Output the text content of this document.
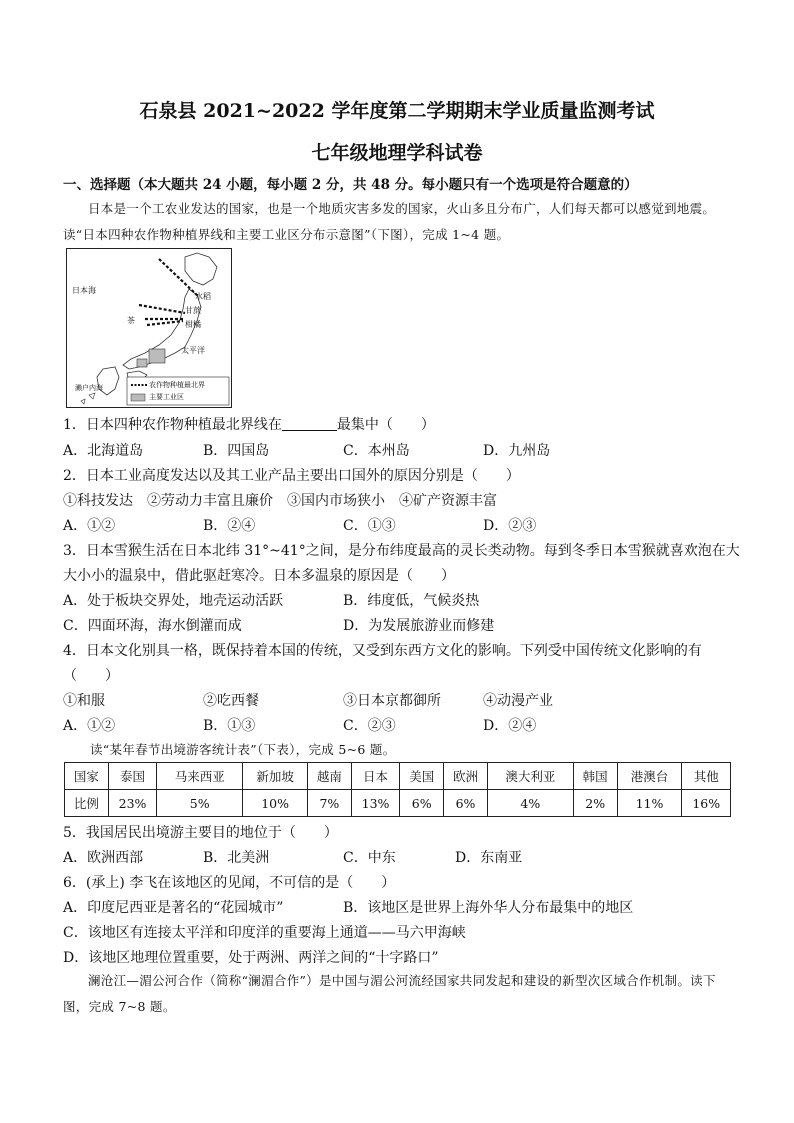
石泉县 2021~2022 学年度第二学期期末学业质量监测考试
七年级地理学科试卷
一、选择题（本大题共 24 小题，每小题 2 分，共 48 分。每小题只有一个选项是符合题意的）
日本是一个工农业发达的国家，也是一个地质灾害多发的国家，火山多且分布广，人们每天都可以感觉到地震。读“日本四种农作物种植界线和主要工业区分布示意图”（下图），完成 1~4 题。
日本海
水稻
甘蔗
茶	柑橘
太平洋
濑户内海	农作物种植最北界
主要工业区
1．日本四种农作物种植最北界线在	最集中（　　）
A．北海道岛	B．四国岛	C．本州岛	D．九州岛
2．日本工业高度发达以及其工业产品主要出口国外的原因分别是（　　）
①科技发达　②劳动力丰富且廉价　③国内市场狭小　④矿产资源丰富
A．①②	B．②④	C．①③	D．②③
3．日本雪猴生活在日本北纬 31°~41°之间，是分布纬度最高的灵长类动物。每到冬季日本雪猴就喜欢泡在大
大小小的温泉中，借此驱赶寒冷。日本多温泉的原因是（　　）
A．处于板块交界处，地壳运动活跃	B．纬度低，气候炎热
C．四面环海，海水倒灌而成	D．为发展旅游业而修建
4．日本文化别具一格，既保持着本国的传统，又受到东西方文化的影响。下列受中国传统文化影响的有
（　　）
①和服	②吃西餐	③日本京都御所	④动漫产业
A．①②	B．①③	C．②③	D．②④
读“某年春节出境游客统计表”（下表），完成 5~6 题。
国家	泰国	马来西亚	新加坡	越南	日本	美国	欧洲	澳大利亚	韩国	港澳台	其他
比例	23%	5%	10%	7%	13%	6%	6%	4%	2%	11%	16%
5．我国居民出境游主要目的地位于（　　）
A．欧洲西部	B．北美洲	C．中东	D．东南亚
6．(承上) 李飞在该地区的见闻，不可信的是（　　）
A．印度尼西亚是著名的“花园城市”	B．该地区是世界上海外华人分布最集中的地区
C．该地区有连接太平洋和印度洋的重要海上通道——马六甲海峡
D．该地区地理位置重要，处于两洲、两洋之间的“十字路口”
澜沧江—湄公河合作（简称“澜湄合作”）是中国与湄公河流经国家共同发起和建设的新型次区域合作机制。读下图，完成 7~8 题。
